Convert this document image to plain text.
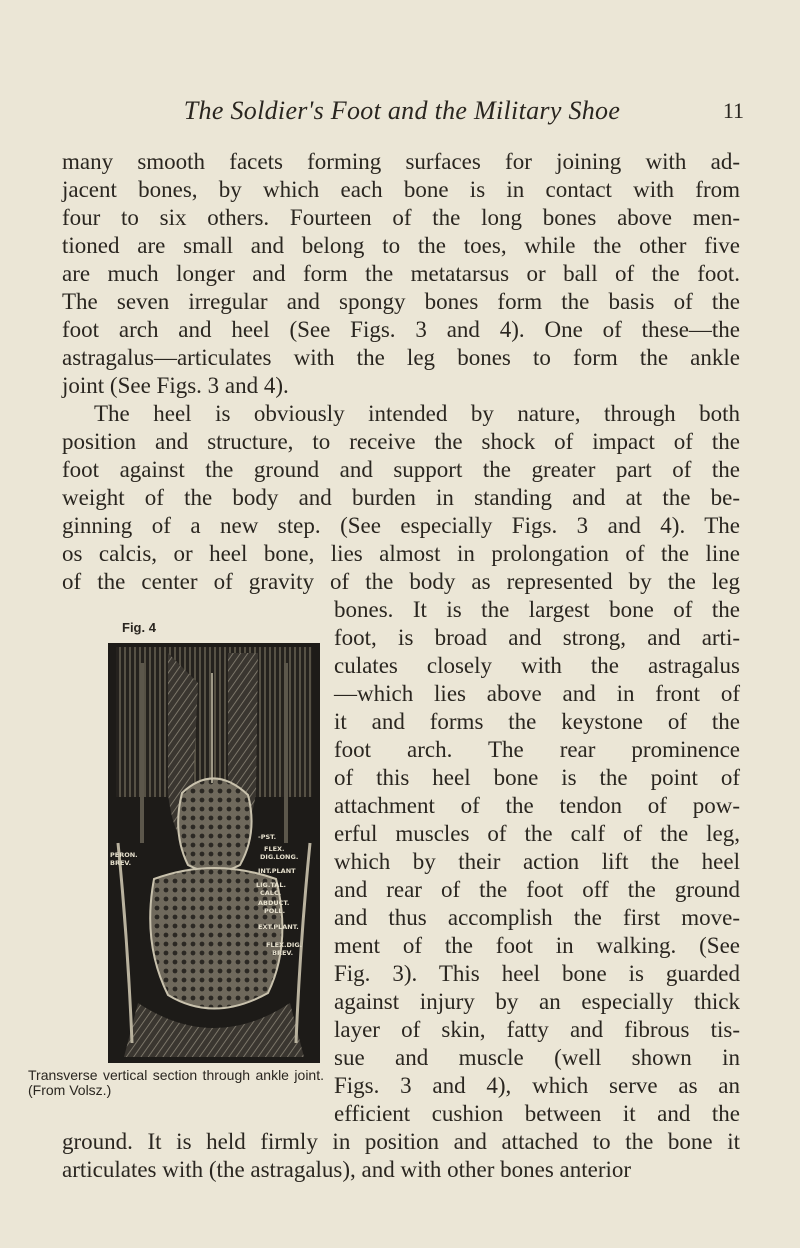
The Soldier's Foot and the Military Shoe	11

many smooth facets forming surfaces for joining with ad-

jacent bones, by which each bone is in contact with from

four to six others. Fourteen of the long bones above men-

tioned are small and belong to the toes, while the other five

are much longer and form the metatarsus or ball of the foot.

The seven irregular and spongy bones form the basis of the

foot arch and heel (See Figs. 3 and 4). One of these—the

astragalus—articulates with the leg bones to form the ankle

joint (See Figs. 3 and 4).

The heel is obviously intended by nature, through both

position and structure, to receive the shock of impact of the

foot against the ground and support the greater part of the

weight of the body and burden in standing and at the be-

ginning of a new step. (See especially Figs. 3 and 4). The

os calcis, or heel bone, lies almost in prolongation of the line

of the center of gravity of the body as represented by the leg

bones. It is the largest bone of the

foot, is broad and strong, and arti-

culates closely with the astragalus

—which lies above and in front of

it and forms the keystone of the

foot arch. The rear prominence

of this heel bone is the point of

attachment of the tendon of pow-

erful muscles of the calf of the leg,

which by their action lift the heel

and rear of the foot off the ground

and thus accomplish the first move-

ment of the foot in walking. (See

Fig. 3). This heel bone is guarded

against injury by an especially thick

layer of skin, fatty and fibrous tis-

sue and muscle (well shown in

Figs. 3 and 4), which serve as an

efficient cushion between it and the

ground. It is held firmly in position and attached to the bone it

articulates with (the astragalus), and with other bones anterior

Fig. 4
-PST.
FLEX.
DIG.LONG.
INT.PLANT
LIG.TAL.
CALC.
ABDUCT.
POLL.
EXT.PLANT.
FLEX.DIG.
BREV.
PERON.
BREV.
Transverse vertical section through ankle joint. (From Volsz.)
